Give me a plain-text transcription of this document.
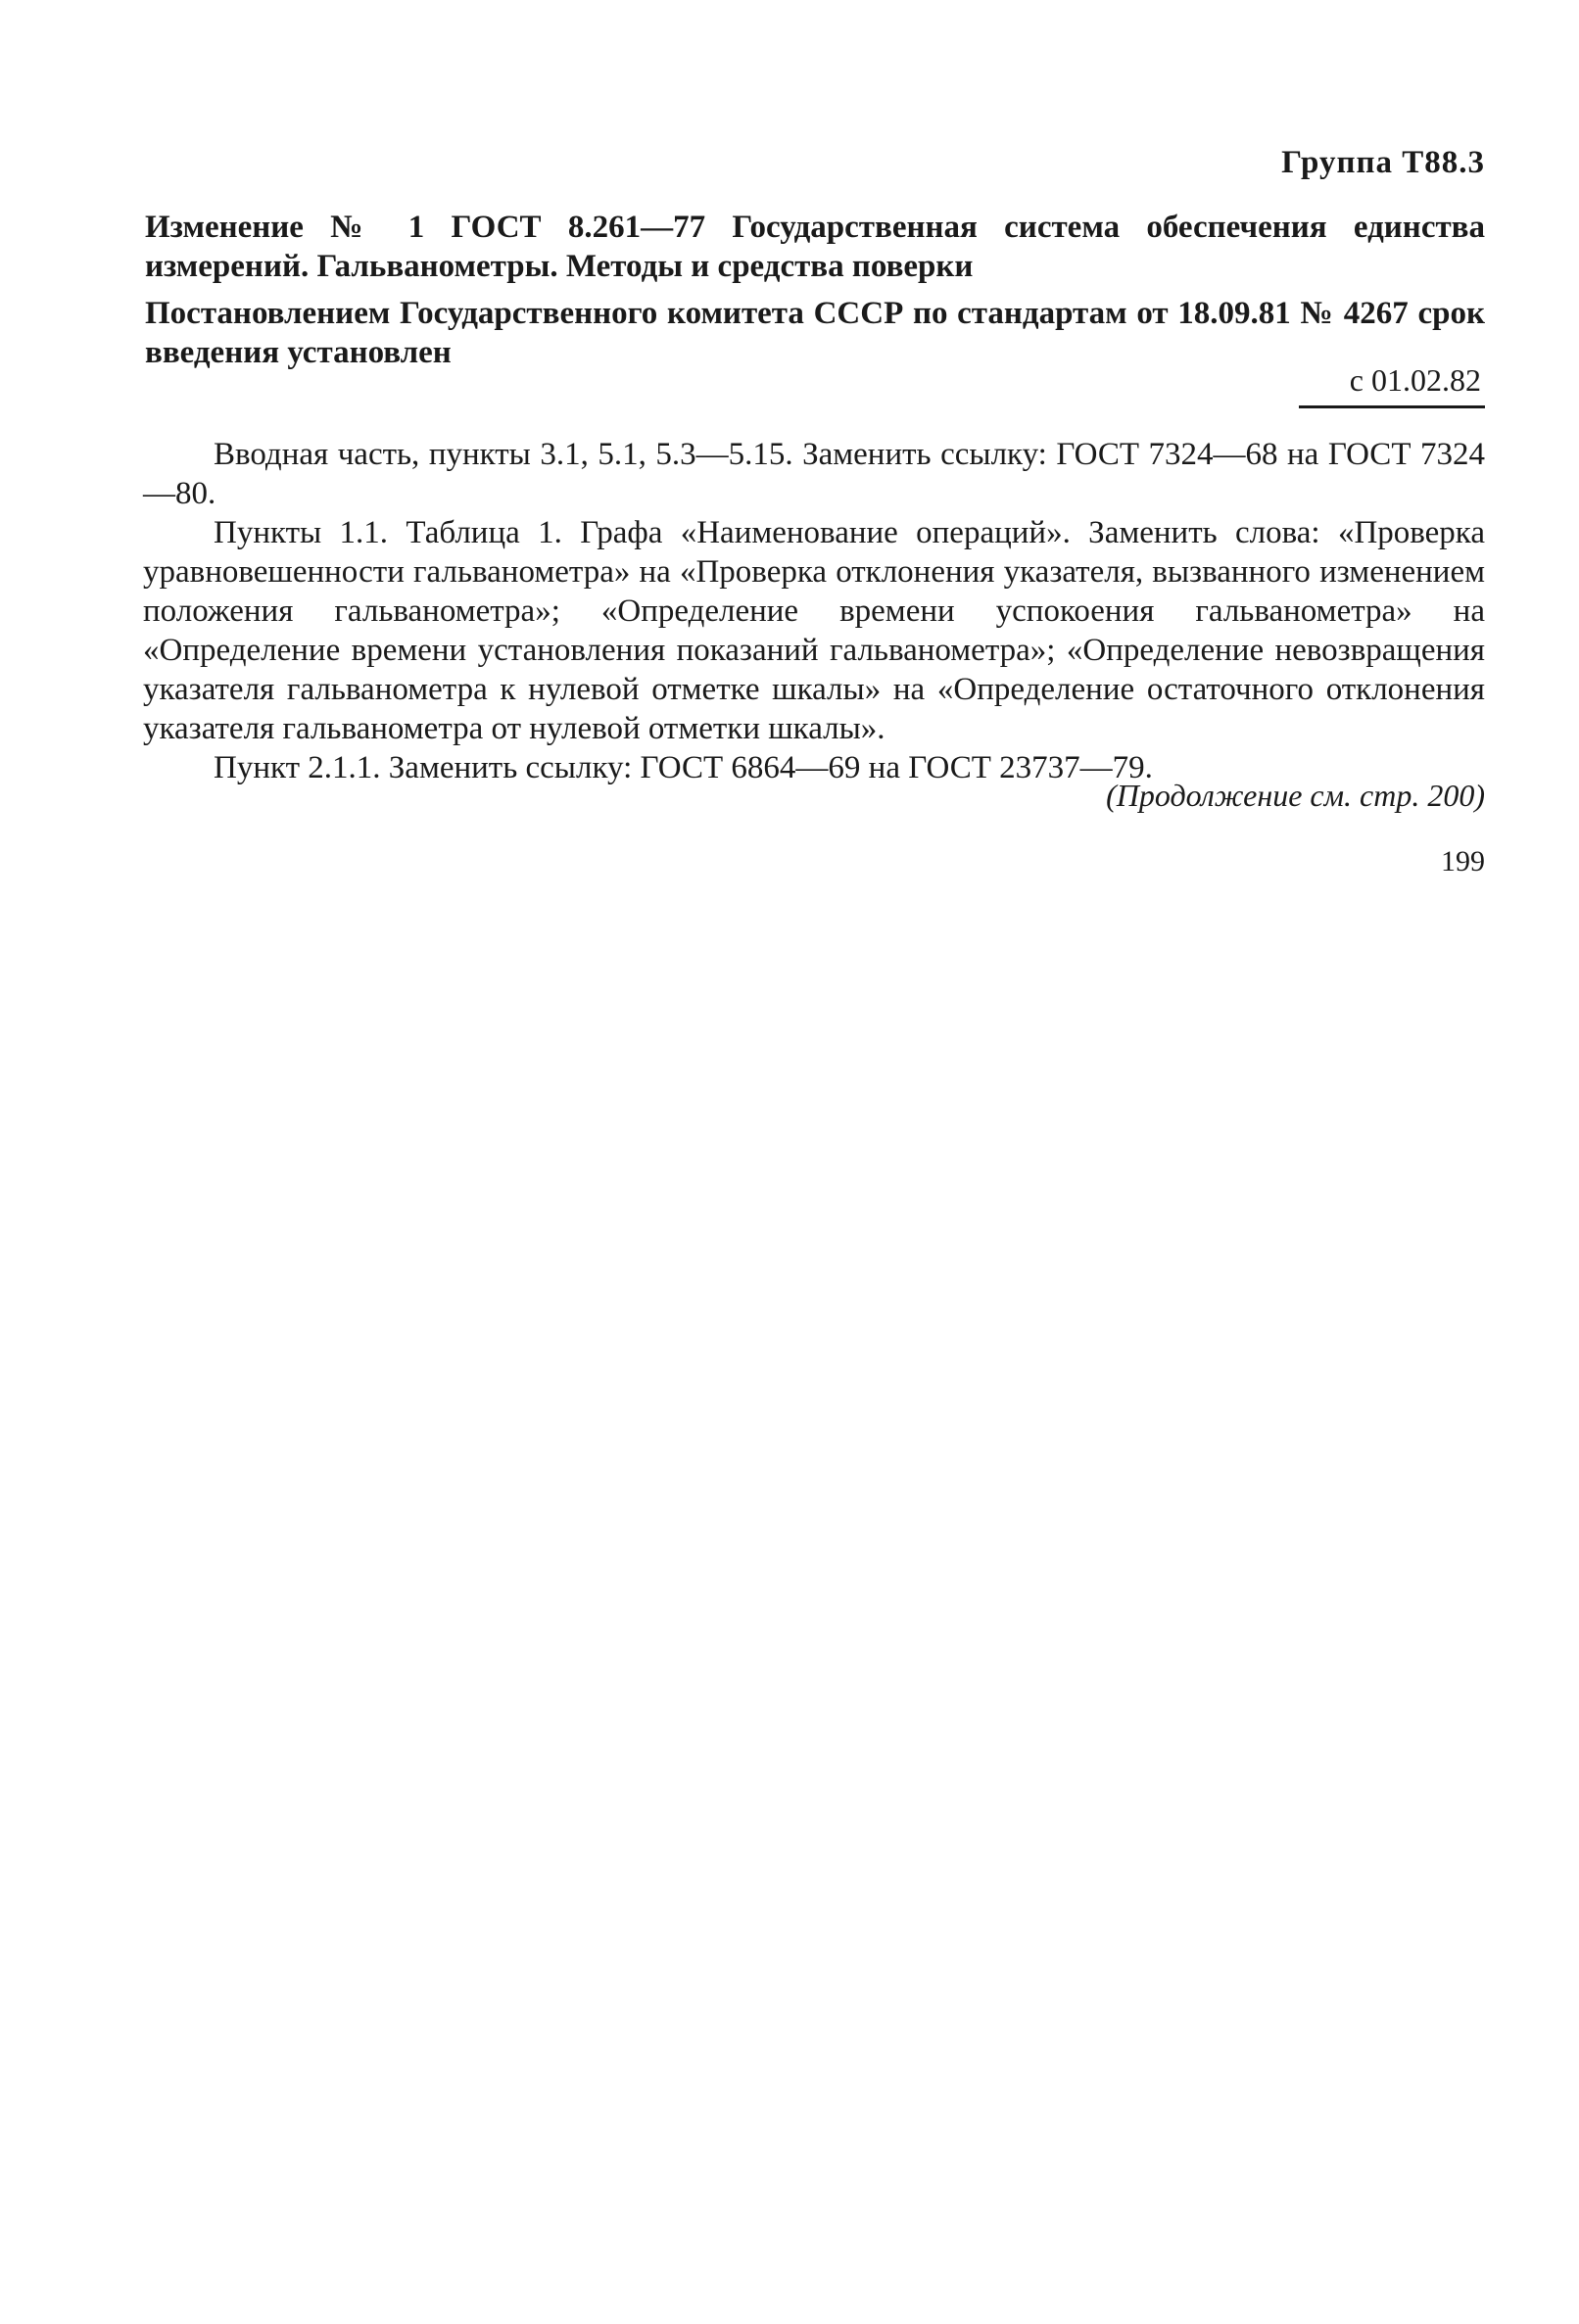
Группа Т88.3
Изменение № 1 ГОСТ 8.261—77 Государственная система обеспечения единства измерений. Гальванометры. Методы и средства поверки
Постановлением Государственного комитета СССР по стандартам от 18.09.81 № 4267 срок введения установлен
с 01.02.82

Вводная часть, пункты 3.1, 5.1, 5.3—5.15. Заменить ссылку: ГОСТ 7324—68 на ГОСТ 7324—80.

Пункты 1.1. Таблица 1. Графа «Наименование операций». Заменить слова: «Проверка уравновешенности гальванометра» на «Проверка отклонения указателя, вызванного изменением положения гальванометра»; «Определение времени успокоения гальванометра» на «Определение времени установления показаний гальванометра»; «Определение невозвращения указателя гальванометра к нулевой отметке шкалы» на «Определение остаточного отклонения указателя гальванометра от нулевой отметки шкалы».

Пункт 2.1.1. Заменить ссылку: ГОСТ 6864—69 на ГОСТ 23737—79.

(Продолжение см. стр. 200)
199
